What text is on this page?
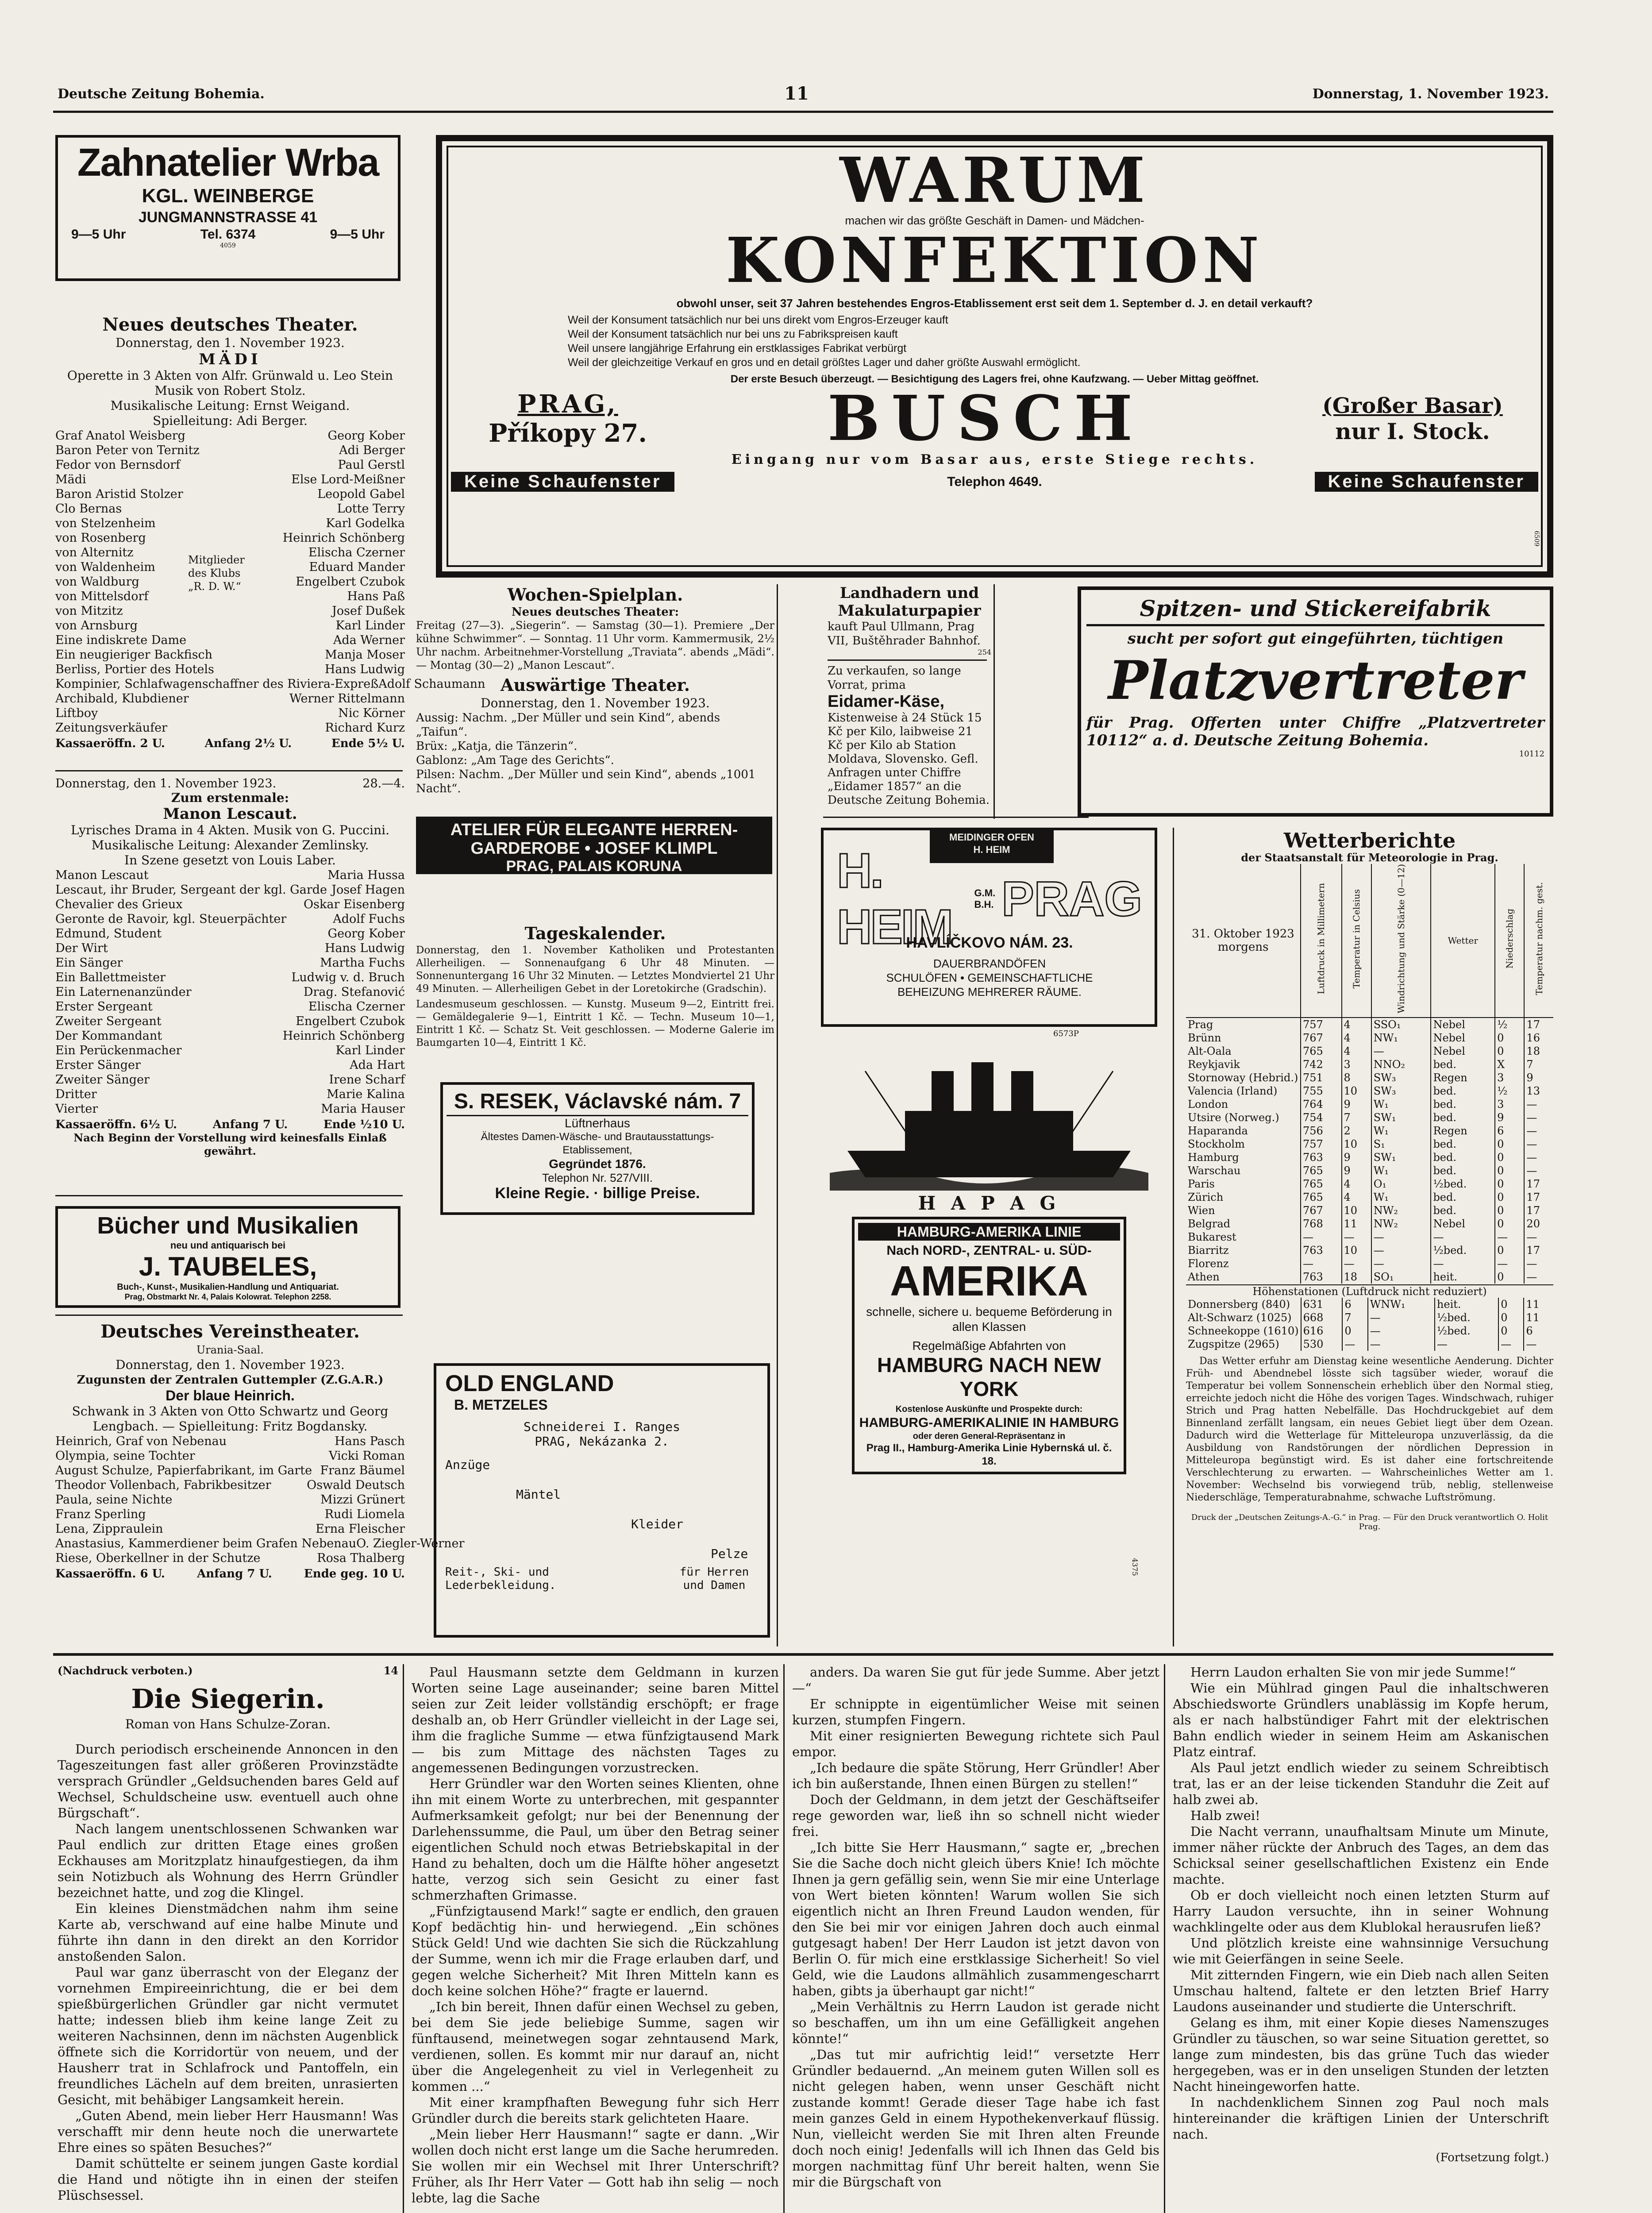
Deutsche Zeitung Bohemia.	11	Donnerstag, 1. November 1923.
Zahnatelier Wrba
KGL. WEINBERGE
JUNGMANNSTRASSE 41
9—5 Uhr	Tel. 6374	9—5 Uhr
4059
Neues deutsches Theater.
Donnerstag, den 1. November 1923.
MÄDI
Operette in 3 Akten von Alfr. Grünwald u. Leo Stein
Musik von Robert Stolz.
Musikalische Leitung: Ernst Weigand.
Spielleitung: Adi Berger.
Graf Anatol Weisberg	Georg Kober
Baron Peter von Ternitz	Adi Berger
Fedor von Bernsdorf	Paul Gerstl
Mädi	Else Lord-Meißner
Baron Aristid Stolzer	Leopold Gabel
Clo Bernas	Lotte Terry
von Stelzenheim	Karl Godelka
von Rosenberg	Heinrich Schönberg
von Alternitz	Elischa Czerner
von Waldenheim	Eduard Mander
von Waldburg	Engelbert Czubok
von Mittelsdorf	Hans Paß
von Mitzitz	Josef Dußek
von Arnsburg	Karl Linder
Eine indiskrete Dame	Ada Werner
Ein neugieriger Backfisch	Manja Moser
Berliss, Portier des Hotels	Hans Ludwig
Kompinier, Schlafwagenschaffner des Riviera-Expreß Adolf Schaumann
Archibald, Klubdiener	Werner Rittelmann
Liftboy	Nic Körner
Zeitungsverkäufer	Richard Kurz
Mitglieder des Klubs „R. D. W.“
Kassaeröffn. 2 U.	Anfang 2½ U.	Ende 5½ U.
Donnerstag, den 1. November 1923.	28.—4.
Zum erstenmale:
Manon Lescaut.
Lyrisches Drama in 4 Akten. Musik von G. Puccini.
Musikalische Leitung: Alexander Zemlinsky.
In Szene gesetzt von Louis Laber.
Manon Lescaut	Maria Hussa
Lescaut, ihr Bruder, Sergeant der kgl. Garde Josef Hagen
Chevalier des Grieux	Oskar Eisenberg
Geronte de Ravoir, kgl. Steuerpächter	Adolf Fuchs
Edmund, Student	Georg Kober
Der Wirt	Hans Ludwig
Ein Sänger	Martha Fuchs
Ein Ballettmeister	Ludwig v. d. Bruch
Ein Laternenanzünder	Drag. Stefanović
Erster Sergeant	Elischa Czerner
Zweiter Sergeant	Engelbert Czubok
Der Kommandant	Heinrich Schönberg
Ein Perückenmacher	Karl Linder
Erster Sänger	Ada Hart
Zweiter Sänger	Irene Scharf
Dritter	Marie Kalina
Vierter	Maria Hauser
Kassaeröffn. 6½ U.	Anfang 7 U.	Ende ½10 U.
Nach Beginn der Vorstellung wird keinesfalls Einlaß gewährt.
Bücher und Musikalien
neu und antiquarisch bei
J. TAUBELES,
Buch-, Kunst-, Musikalien-Handlung und Antiquariat.
Prag, Obstmarkt Nr. 4, Palais Kolowrat. Telephon 2258.
Deutsches Vereinstheater.
Urania-Saal.
Donnerstag, den 1. November 1923.
Zugunsten der Zentralen Guttempler (Z.G.A.R.)
Der blaue Heinrich.
Schwank in 3 Akten von Otto Schwartz und Georg Lengbach. — Spielleitung: Fritz Bogdansky.
Heinrich, Graf von Nebenau	Hans Pasch
Olympia, seine Tochter	Vicki Roman
August Schulze, Papierfabrikant, im Garte Franz Bäumel
Theodor Vollenbach, Fabrikbesitzer	Oswald Deutsch
Paula, seine Nichte	Mizzi Grünert
Franz Sperling	Rudi Liomela
Lena, Zippraulein	Erna Fleischer
Anastasius, Kammerdiener beim Grafen Nebenau O. Ziegler-Werner
Riese, Oberkellner in der Schutze	Rosa Thalberg
Kassaeröffn. 6 U.	Anfang 7 U.	Ende geg. 10 U.
WARUM
machen wir das größte Geschäft in Damen- und Mädchen-
KONFEKTION
obwohl unser, seit 37 Jahren bestehendes Engros-Etablissement erst seit dem 1. September d. J. en detail verkauft?
Weil der Konsument tatsächlich nur bei uns direkt vom Engros-Erzeuger kauft
Weil der Konsument tatsächlich nur bei uns zu Fabrikspreisen kauft
Weil unsere langjährige Erfahrung ein erstklassiges Fabrikat verbürgt
Weil der gleichzeitige Verkauf en gros und en detail größtes Lager und daher größte Auswahl ermöglicht.
Der erste Besuch überzeugt. — Besichtigung des Lagers frei, ohne Kaufzwang. — Ueber Mittag geöffnet.
PRAG,
Příkopy 27.	BUSCH	(Großer Basar)
nur I. Stock.
Eingang nur vom Basar aus, erste Stiege rechts.
Keine Schaufenster	Telephon 4649.	Keine Schaufenster
6509
Wochen-Spielplan.
Neues deutsches Theater:
Freitag (27—3). „Siegerin“. — Samstag (30—1). Premiere „Der kühne Schwimmer“. — Sonntag. 11 Uhr vorm. Kammermusik, 2½ Uhr nachm. Arbeitnehmer-Vorstellung „Traviata“. abends „Mädi“. — Montag (30—2) „Manon Lescaut“.
Auswärtige Theater.
Donnerstag, den 1. November 1923.
Aussig: Nachm. „Der Müller und sein Kind“, abends „Taifun“.
Brüx: „Katja, die Tänzerin“.
Gablonz: „Am Tage des Gerichts“.
Pilsen: Nachm. „Der Müller und sein Kind“, abends „1001 Nacht“.
ATELIER FÜR ELEGANTE HERREN-
GARDEROBE • JOSEF KLIMPL
PRAG, PALAIS KORUNA
Tageskalender.
Donnerstag, den 1. November Katholiken und Protestanten Allerheiligen. — Sonnenaufgang 6 Uhr 48 Minuten. — Sonnenuntergang 16 Uhr 32 Minuten. — Letztes Mondviertel 21 Uhr 49 Minuten. — Allerheiligen Gebet in der Loretokirche (Gradschin).
Landesmuseum geschlossen. — Kunstg. Museum 9—2, Eintritt frei. — Gemäldegalerie 9—1, Eintritt 1 Kč. — Techn. Museum 10—1, Eintritt 1 Kč. — Schatz St. Veit geschlossen. — Moderne Galerie im Baumgarten 10—4, Eintritt 1 Kč.
S. RESEK, Václavské nám. 7
Lüftnerhaus
Ältestes Damen-Wäsche- und Brautausstattungs-Etablissement,
Gegründet 1876.
Telephon Nr. 527/VIII.
Kleine Regie. · billige Preise.
OLD ENGLAND
B. METZELES
Schneiderei I. Ranges
PRAG, Nekázanka 2.
Anzüge
Mäntel
Kleider
Pelze
Reit-, Ski- und Lederbekleidung.
für Herren und Damen
Landhadern und Makulaturpapier
kauft Paul Ullmann, Prag VII, Buštěhrader Bahnhof.
254
Zu verkaufen, so lange Vorrat, prima
Eidamer-Käse,
Kistenweise à 24 Stück 15 Kč per Kilo, laibweise 21 Kč per Kilo ab Station Moldava, Slovensko. Gefl. Anfragen unter Chiffre „Eidamer 1857“ an die Deutsche Zeitung Bohemia.
MEIDINGER OFEN
H. HEIM
H. HEIM
G.M. B.H. PRAG
HAVLÍČKOVO NÁM. 23.
DAUERBRANDÖFEN
SCHULÖFEN • GEMEINSCHAFTLICHE
BEHEIZUNG MEHRERER RÄUME.
6573P
H A P A G
HAMBURG-AMERIKA LINIE
Nach NORD-, ZENTRAL- u. SÜD-
AMERIKA
schnelle, sichere u. bequeme Beförderung in allen Klassen
Regelmäßige Abfahrten von
HAMBURG NACH NEW YORK
Kostenlose Auskünfte und Prospekte durch:
HAMBURG-AMERIKALINIE IN HAMBURG
oder deren General-Repräsentanz in
Prag II., Hamburg-Amerika Linie Hybernská ul. č. 18.
4375
Spitzen- und Stickereifabrik
sucht per sofort gut eingeführten, tüchtigen
Platzvertreter
für Prag. Offerten unter Chiffre „Platzvertreter 10112“ a. d. Deutsche Zeitung Bohemia.
10112
Wetterberichte
der Staatsanstalt für Meteorologie in Prag.
31. Oktober 1923
morgens	Luftdruck in Millimetern	Temperatur in Celsius	Windrichtung und Stärke (0—12)	Wetter	Niederschlag	Temperatur nachm. gest.
Prag	757	4	SSO₁	Nebel	½	17
Brünn	767	4	NW₁	Nebel	0	16
Alt-Oala	765	4	—	Nebel	0	18
Reykjavik	742	3	NNO₂	bed.	X	7
Stornoway (Hebrid.)	751	8	SW₃	Regen	3	9
Valencia (Irland)	755	10	SW₃	bed.	½	13
London	764	9	W₁	bed.	3	—
Utsire (Norweg.)	754	7	SW₁	bed.	9	—
Haparanda	756	2	W₁	Regen	6	—
Stockholm	757	10	S₁	bed.	0	—
Hamburg	763	9	SW₁	bed.	0	—
Warschau	765	9	W₁	bed.	0	—
Paris	765	4	O₁	½bed.	0	17
Zürich	765	4	W₁	bed.	0	17
Wien	767	10	NW₂	bed.	0	17
Belgrad	768	11	NW₂	Nebel	0	20
Bukarest	—	—	—	—	—	—
Biarritz	763	10	—	½bed.	0	17
Florenz	—	—	—	—	—	—
Athen	763	18	SO₁	heit.	0	—
Höhenstationen (Luftdruck nicht reduziert)
Donnersberg (840)	631	6	WNW₁	heit.	0	11
Alt-Schwarz (1025)	668	7	—	½bed.	0	11
Schneekoppe (1610)	616	0	—	½bed.	0	6
Zugspitze (2965)	530	—	—	—	—	—
Das Wetter erfuhr am Dienstag keine wesentliche Aenderung. Dichter Früh- und Abendnebel lösste sich tagsüber wieder, worauf die Temperatur bei vollem Sonnenschein erheblich über den Normal stieg, erreichte jedoch nicht die Höhe des vorigen Tages. Windschwach, ruhiger Strich und Prag hatten Nebelfälle. Das Hochdruckgebiet auf dem Binnenland zerfällt langsam, ein neues Gebiet liegt über dem Ozean. Dadurch wird die Wetterlage für Mitteleuropa unzuverlässig, da die Ausbildung von Randstörungen der nördlichen Depression in Mitteleuropa begünstigt wird. Es ist daher eine fortschreitende Verschlechterung zu erwarten. — Wahrscheinliches Wetter am 1. November: Wechselnd bis vorwiegend trüb, neblig, stellenweise Niederschläge, Temperaturabnahme, schwache Luftströmung.
Druck der „Deutschen Zeitungs-A.-G.“ in Prag. — Für den Druck verantwortlich O. Holit Prag.
(Nachdruck verboten.)	14
Die Siegerin.
Roman von Hans Schulze-Zoran.

Durch periodisch erscheinende Annoncen in den Tageszeitungen fast aller größeren Provinzstädte versprach Gründler „Geldsuchenden bares Geld auf Wechsel, Schuldscheine usw. eventuell auch ohne Bürgschaft“.

Nach langem unentschlossenen Schwanken war Paul endlich zur dritten Etage eines großen Eckhauses am Moritzplatz hinaufgestiegen, da ihm sein Notizbuch als Wohnung des Herrn Gründler bezeichnet hatte, und zog die Klingel.

Ein kleines Dienstmädchen nahm ihm seine Karte ab, verschwand auf eine halbe Minute und führte ihn dann in den direkt an den Korridor anstoßenden Salon.

Paul war ganz überrascht von der Eleganz der vornehmen Empireeinrichtung, die er bei dem spießbürgerlichen Gründler gar nicht vermutet hatte; indessen blieb ihm keine lange Zeit zu weiteren Nachsinnen, denn im nächsten Augenblick öffnete sich die Korridortür von neuem, und der Hausherr trat in Schlafrock und Pantoffeln, ein freundliches Lächeln auf dem breiten, unrasierten Gesicht, mit behäbiger Langsamkeit herein.

„Guten Abend, mein lieber Herr Hausmann! Was verschafft mir denn heute noch die unerwartete Ehre eines so späten Besuches?“

Damit schüttelte er seinem jungen Gaste kordial die Hand und nötigte ihn in einen der steifen Plüschsessel.

Paul Hausmann setzte dem Geldmann in kurzen Worten seine Lage auseinander; seine baren Mittel seien zur Zeit leider vollständig erschöpft; er frage deshalb an, ob Herr Gründler vielleicht in der Lage sei, ihm die fragliche Summe — etwa fünfzigtausend Mark — bis zum Mittage des nächsten Tages zu angemessenen Bedingungen vorzustrecken.

Herr Gründler war den Worten seines Klienten, ohne ihn mit einem Worte zu unterbrechen, mit gespannter Aufmerksamkeit gefolgt; nur bei der Benennung der Darlehenssumme, die Paul, um über den Betrag seiner eigentlichen Schuld noch etwas Betriebskapital in der Hand zu behalten, doch um die Hälfte höher angesetzt hatte, verzog sich sein Gesicht zu einer fast schmerzhaften Grimasse.

„Fünfzigtausend Mark!“ sagte er endlich, den grauen Kopf bedächtig hin- und herwiegend. „Ein schönes Stück Geld! Und wie dachten Sie sich die Rückzahlung der Summe, wenn ich mir die Frage erlauben darf, und gegen welche Sicherheit? Mit Ihren Mitteln kann es doch keine solchen Höhe?“ fragte er lauernd.

„Ich bin bereit, Ihnen dafür einen Wechsel zu geben, bei dem Sie jede beliebige Summe, sagen wir fünftausend, meinetwegen sogar zehntausend Mark, verdienen, sollen. Es kommt mir nur darauf an, nicht über die Angelegenheit zu viel in Verlegenheit zu kommen ...“

Mit einer krampfhaften Bewegung fuhr sich Herr Gründler durch die bereits stark gelichteten Haare.

„Mein lieber Herr Hausmann!“ sagte er dann. „Wir wollen doch nicht erst lange um die Sache herumreden. Sie wollen mir ein Wechsel mit Ihrer Unterschrift? Früher, als Ihr Herr Vater — Gott hab ihn selig — noch lebte, lag die Sache

anders. Da waren Sie gut für jede Summe. Aber jetzt —“

Er schnippte in eigentümlicher Weise mit seinen kurzen, stumpfen Fingern.

Mit einer resignierten Bewegung richtete sich Paul empor.

„Ich bedaure die späte Störung, Herr Gründler! Aber ich bin außerstande, Ihnen einen Bürgen zu stellen!“

Doch der Geldmann, in dem jetzt der Geschäftseifer rege geworden war, ließ ihn so schnell nicht wieder frei.

„Ich bitte Sie Herr Hausmann,“ sagte er, „brechen Sie die Sache doch nicht gleich übers Knie! Ich möchte Ihnen ja gern gefällig sein, wenn Sie mir eine Unterlage von Wert bieten könnten! Warum wollen Sie sich eigentlich nicht an Ihren Freund Laudon wenden, für den Sie bei mir vor einigen Jahren doch auch einmal gutgesagt haben! Der Herr Laudon ist jetzt davon von Berlin O. für mich eine erstklassige Sicherheit! So viel Geld, wie die Laudons allmählich zusammengescharrt haben, gibts ja überhaupt gar nicht!“

„Mein Verhältnis zu Herrn Laudon ist gerade nicht so beschaffen, um ihn um eine Gefälligkeit angehen könnte!“

„Das tut mir aufrichtig leid!“ versetzte Herr Gründler bedauernd. „An meinem guten Willen soll es nicht gelegen haben, wenn unser Geschäft nicht zustande kommt! Gerade dieser Tage habe ich fast mein ganzes Geld in einem Hypothekenverkauf flüssig. Nun, vielleicht werden Sie mit Ihren alten Freunde doch noch einig! Jedenfalls will ich Ihnen das Geld bis morgen nachmittag fünf Uhr bereit halten, wenn Sie mir die Bürgschaft von

Herrn Laudon erhalten Sie von mir jede Summe!“

Wie ein Mühlrad gingen Paul die inhaltschweren Abschiedsworte Gründlers unablässig im Kopfe herum, als er nach halbstündiger Fahrt mit der elektrischen Bahn endlich wieder in seinem Heim am Askanischen Platz eintraf.

Als Paul jetzt endlich wieder zu seinem Schreibtisch trat, las er an der leise tickenden Standuhr die Zeit auf halb zwei ab.

Halb zwei!

Die Nacht verrann, unaufhaltsam Minute um Minute, immer näher rückte der Anbruch des Tages, an dem das Schicksal seiner gesellschaftlichen Existenz ein Ende machte.

Ob er doch vielleicht noch einen letzten Sturm auf Harry Laudon versuchte, ihn in seiner Wohnung wachklingelte oder aus dem Klublokal herausrufen ließ?

Und plötzlich kreiste eine wahnsinnige Versuchung wie mit Geierfängen in seine Seele.

Mit zitternden Fingern, wie ein Dieb nach allen Seiten Umschau haltend, faltete er den letzten Brief Harry Laudons auseinander und studierte die Unterschrift.

Gelang es ihm, mit einer Kopie dieses Namenszuges Gründler zu täuschen, so war seine Situation gerettet, so lange zum mindesten, bis das grüne Tuch das wieder hergegeben, was er in den unseligen Stunden der letzten Nacht hineingeworfen hatte.

In nachdenklichem Sinnen zog Paul noch mals hintereinander die kräftigen Linien der Unterschrift nach.

(Fortsetzung folgt.)
